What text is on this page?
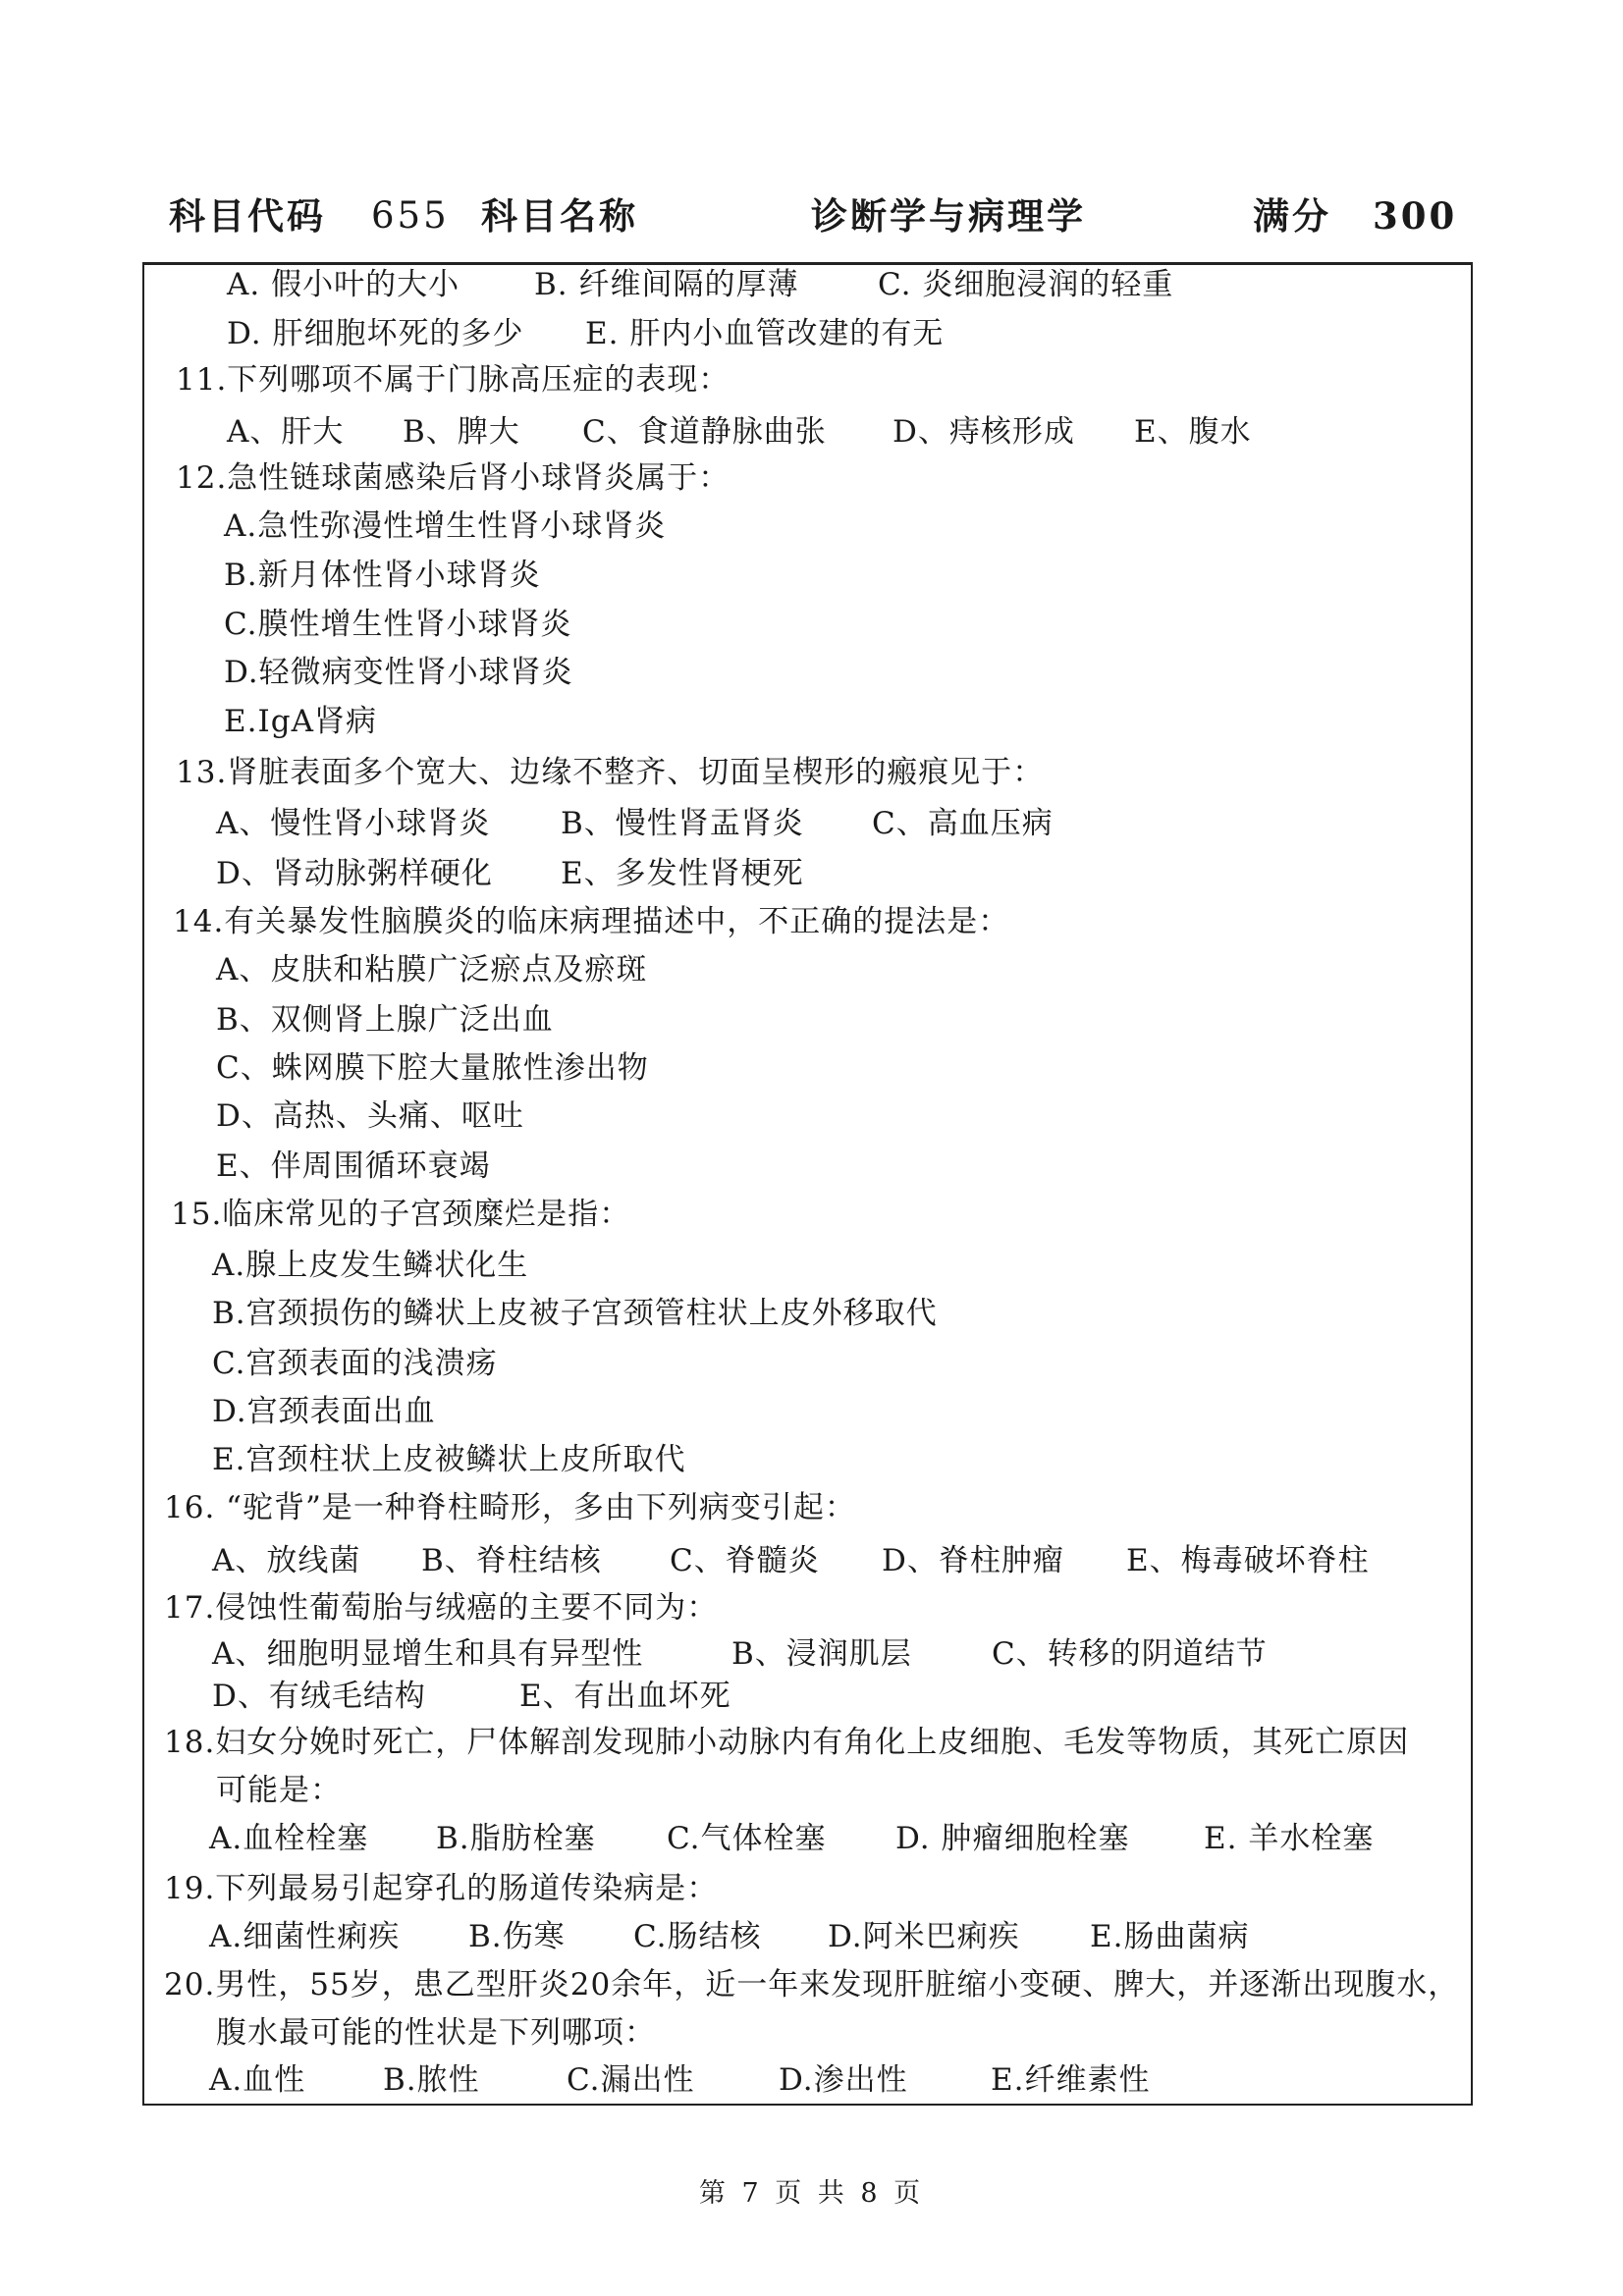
科目代码 655 科目名称	诊断学与病理学	满分 300
A. 假小叶的大小 B. 纤维间隔的厚薄	C. 炎细胞浸润的轻重
D. 肝细胞坏死的多少 E. 肝内小血管改建的有无
11.下列哪项不属于门脉高压症的表现：
A、肝大 B、脾大 C、食道静脉曲张 D、痔核形成 E、腹水
12.急性链球菌感染后肾小球肾炎属于：
A.急性弥漫性增生性肾小球肾炎
B.新月体性肾小球肾炎
C.膜性增生性肾小球肾炎
D.轻微病变性肾小球肾炎
E.IgA肾病
13.肾脏表面多个宽大、边缘不整齐、切面呈楔形的瘢痕见于：
A、慢性肾小球肾炎 B、慢性肾盂肾炎 C、高血压病
D、肾动脉粥样硬化 E、多发性肾梗死
14.有关暴发性脑膜炎的临床病理描述中，不正确的提法是：
A、皮肤和粘膜广泛瘀点及瘀斑
B、双侧肾上腺广泛出血
C、蛛网膜下腔大量脓性渗出物
D、高热、头痛、呕吐
E、伴周围循环衰竭
15.临床常见的子宫颈糜烂是指：
A.腺上皮发生鳞状化生
B.宫颈损伤的鳞状上皮被子宫颈管柱状上皮外移取代
C.宫颈表面的浅溃疡
D.宫颈表面出血
E.宫颈柱状上皮被鳞状上皮所取代
16. “驼背”是一种脊柱畸形，多由下列病变引起：
A、放线菌 B、脊柱结核 C、脊髓炎 D、脊柱肿瘤 E、梅毒破坏脊柱
17.侵蚀性葡萄胎与绒癌的主要不同为：
A、细胞明显增生和具有异型性	B、浸润肌层	C、转移的阴道结节
D、有绒毛结构	E、有出血坏死
18.妇女分娩时死亡，尸体解剖发现肺小动脉内有角化上皮细胞、毛发等物质，其死亡原因
可能是：
A.血栓栓塞 B.脂肪栓塞 C.气体栓塞 D. 肿瘤细胞栓塞 E. 羊水栓塞
19.下列最易引起穿孔的肠道传染病是：
A.细菌性痢疾 B.伤寒 C.肠结核 D.阿米巴痢疾 E.肠曲菌病
20.男性，55岁，患乙型肝炎20余年，近一年来发现肝脏缩小变硬、脾大，并逐渐出现腹水，
腹水最可能的性状是下列哪项：
A.血性	B.脓性	C.漏出性	D.渗出性	E.纤维素性
第 7 页 共 8 页
